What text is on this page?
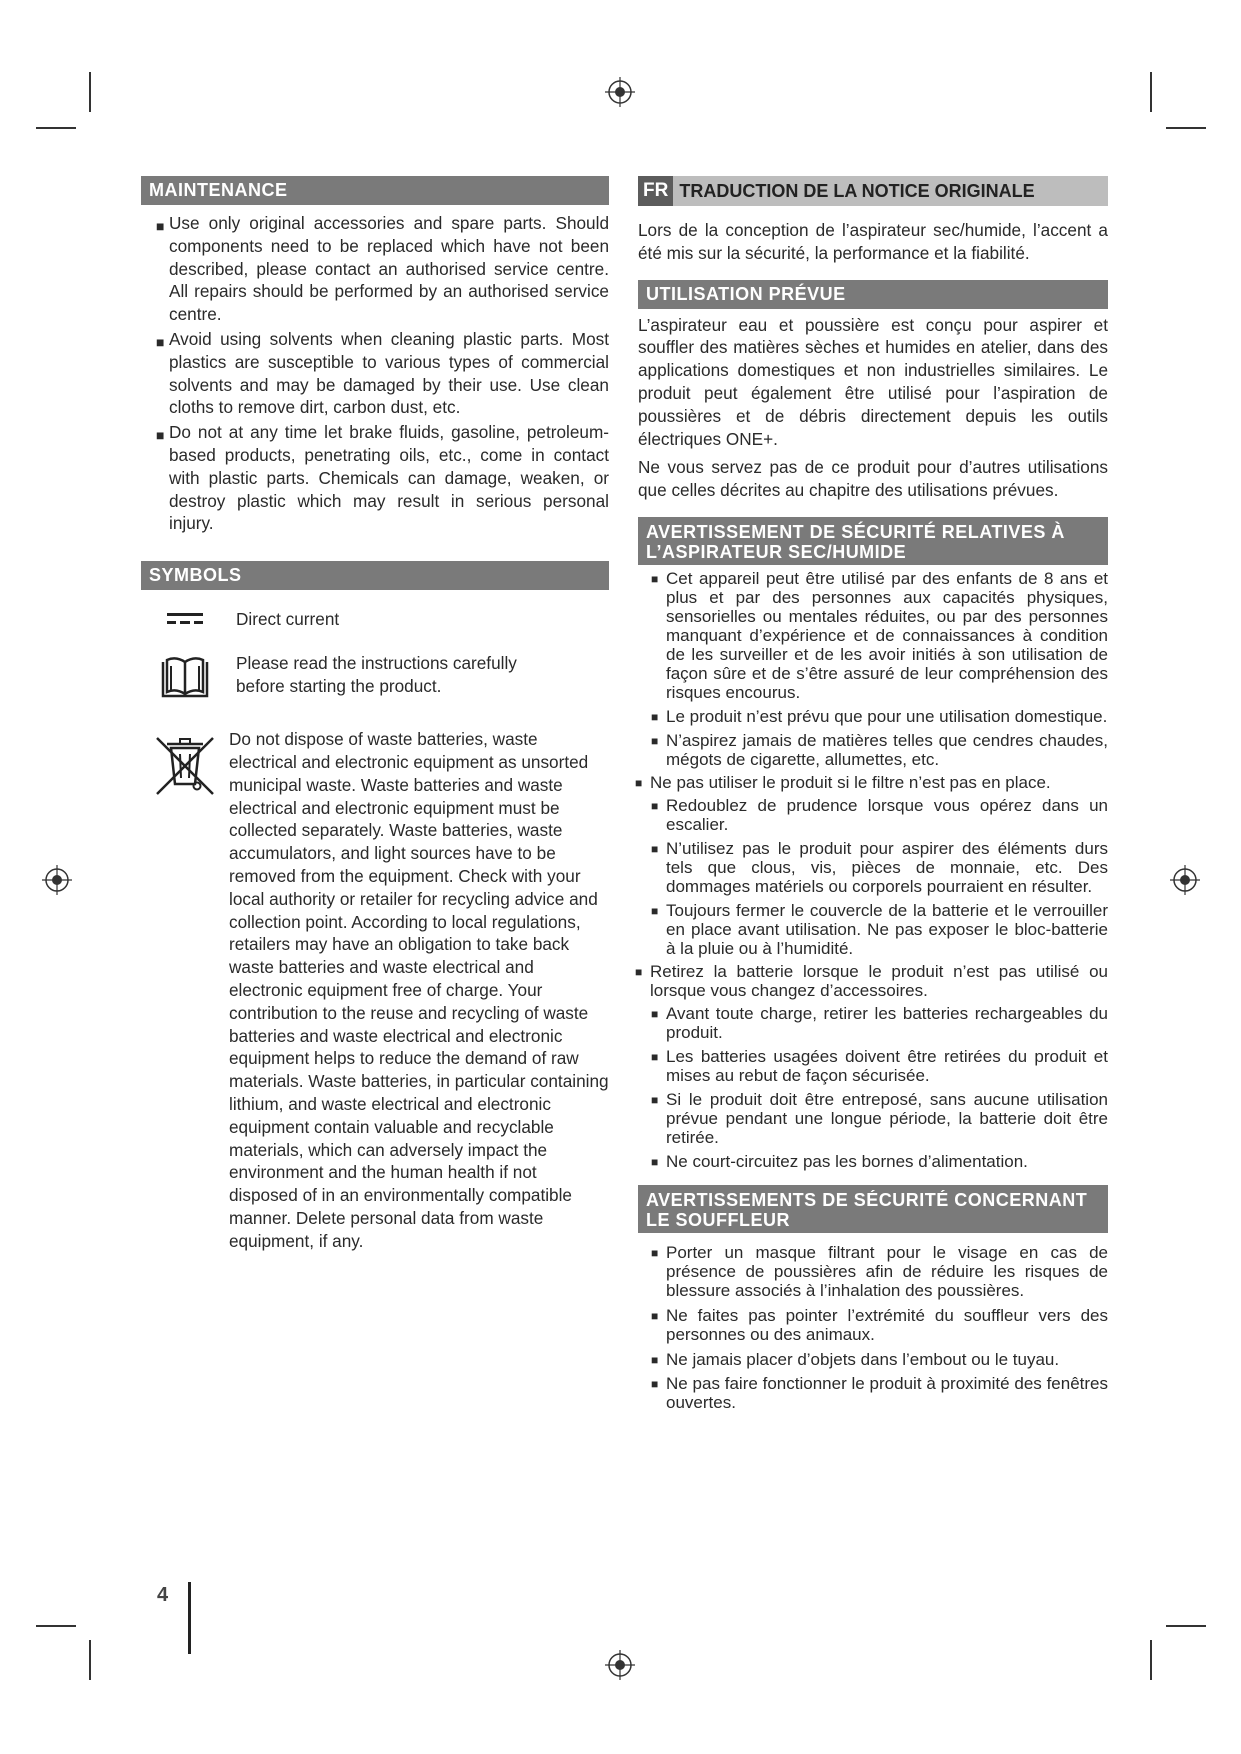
MAINTENANCE
■ Use only original accessories and spare parts. Should components need to be replaced which have not been described, please contact an authorised service centre. All repairs should be performed by an authorised service centre.
■ Avoid using solvents when cleaning plastic parts. Most plastics are susceptible to various types of commercial solvents and may be damaged by their use. Use clean cloths to remove dirt, carbon dust, etc.
■ Do not at any time let brake fluids, gasoline, petroleum-based products, penetrating oils, etc., come in contact with plastic parts. Chemicals can damage, weaken, or destroy plastic which may result in serious personal injury.
SYMBOLS
Direct current
Please read the instructions carefully before starting the product.
Do not dispose of waste batteries, waste electrical and electronic equipment as unsorted municipal waste. Waste batteries and waste electrical and electronic equipment must be collected separately. Waste batteries, waste accumulators, and light sources have to be removed from the equipment. Check with your local authority or retailer for recycling advice and collection point. According to local regulations, retailers may have an obligation to take back waste batteries and waste electrical and electronic equipment free of charge. Your contribution to the reuse and recycling of waste batteries and waste electrical and electronic equipment helps to reduce the demand of raw materials. Waste batteries, in particular containing lithium, and waste electrical and electronic equipment contain valuable and recyclable materials, which can adversely impact the environment and the human health if not disposed of in an environmentally compatible manner. Delete personal data from waste equipment, if any.
FR TRADUCTION DE LA NOTICE ORIGINALE

Lors de la conception de l’aspirateur sec/humide, l’accent a été mis sur la sécurité, la performance et la fiabilité.

UTILISATION PRÉVUE

L’aspirateur eau et poussière est conçu pour aspirer et souffler des matières sèches et humides en atelier, dans des applications domestiques et non industrielles similaires. Le produit peut également être utilisé pour l’aspiration de poussières et de débris directement depuis les outils électriques ONE+.

Ne vous servez pas de ce produit pour d’autres utilisations que celles décrites au chapitre des utilisations prévues.

AVERTISSEMENT DE SÉCURITÉ RELATIVES À
L’ASPIRATEUR SEC/HUMIDE
■ Cet appareil peut être utilisé par des enfants de 8 ans et plus et par des personnes aux capacités physiques, sensorielles ou mentales réduites, ou par des personnes manquant d’expérience et de connaissances à condition de les surveiller et de les avoir initiés à son utilisation de façon sûre et de s’être assuré de leur compréhension des risques encourus.
■ Le produit n’est prévu que pour une utilisation domestique.
■ N’aspirez jamais de matières telles que cendres chaudes, mégots de cigarette, allumettes, etc.
■ Ne pas utiliser le produit si le filtre n’est pas en place.
■ Redoublez de prudence lorsque vous opérez dans un escalier.
■ N’utilisez pas le produit pour aspirer des éléments durs tels que clous, vis, pièces de monnaie, etc. Des dommages matériels ou corporels pourraient en résulter.
■ Toujours fermer le couvercle de la batterie et le verrouiller en place avant utilisation. Ne pas exposer le bloc-batterie à la pluie ou à l’humidité.
■ Retirez la batterie lorsque le produit n’est pas utilisé ou lorsque vous changez d’accessoires.
■ Avant toute charge, retirer les batteries rechargeables du produit.
■ Les batteries usagées doivent être retirées du produit et mises au rebut de façon sécurisée.
■ Si le produit doit être entreposé, sans aucune utilisation prévue pendant une longue période, la batterie doit être retirée.
■ Ne court-circuitez pas les bornes d’alimentation.
AVERTISSEMENTS DE SÉCURITÉ CONCERNANT
LE SOUFFLEUR
■ Porter un masque filtrant pour le visage en cas de présence de poussières afin de réduire les risques de blessure associés à l’inhalation des poussières.
■ Ne faites pas pointer l’extrémité du souffleur vers des personnes ou des animaux.
■ Ne jamais placer d’objets dans l’embout ou le tuyau.
■ Ne pas faire fonctionner le produit à proximité des fenêtres ouvertes.
4
